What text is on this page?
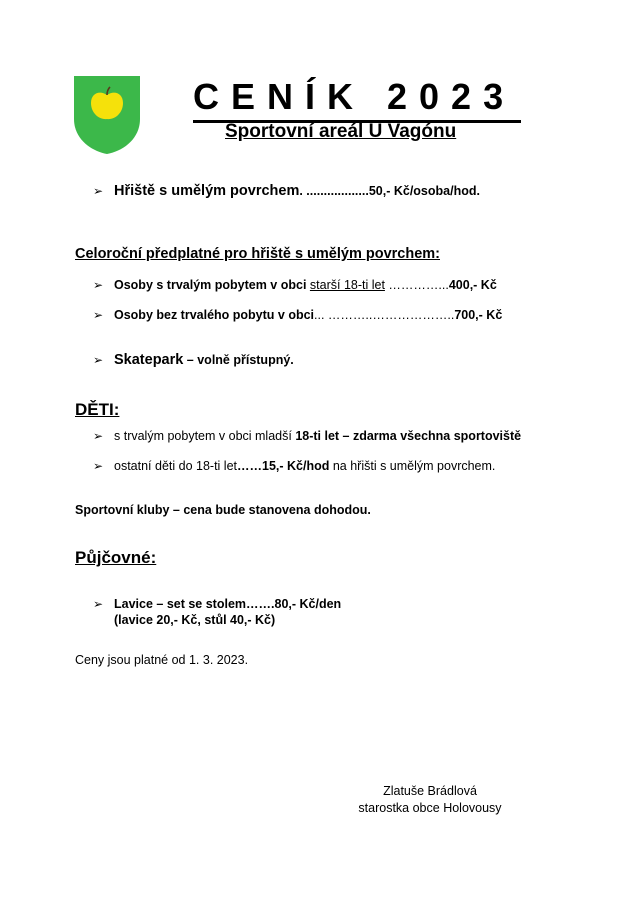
CENÍK 2023
Sportovní areál U Vagónu
➢ Hřiště s umělým povrchem. ..................50,- Kč/osoba/hod.
Celoroční předplatné pro hřiště s umělým povrchem:
➢ Osoby s trvalým pobytem v obci starší 18-ti let …………...400,- Kč
➢ Osoby bez trvalého pobytu v obci... ………..………………..700,- Kč
➢ Skatepark – volně přístupný.
DĚTI:
➢ s trvalým pobytem v obci mladší 18-ti let – zdarma všechna sportoviště
➢ ostatní děti do 18-ti let……15,- Kč/hod na hřišti s umělým povrchem.
Sportovní kluby – cena bude stanovena dohodou.
Půjčovné:
➢ Lavice – set se stolem…….80,- Kč/den
(lavice 20,- Kč, stůl 40,- Kč)
Ceny jsou platné od 1. 3. 2023.
Zlatuše Brádlová
starostka obce Holovousy
